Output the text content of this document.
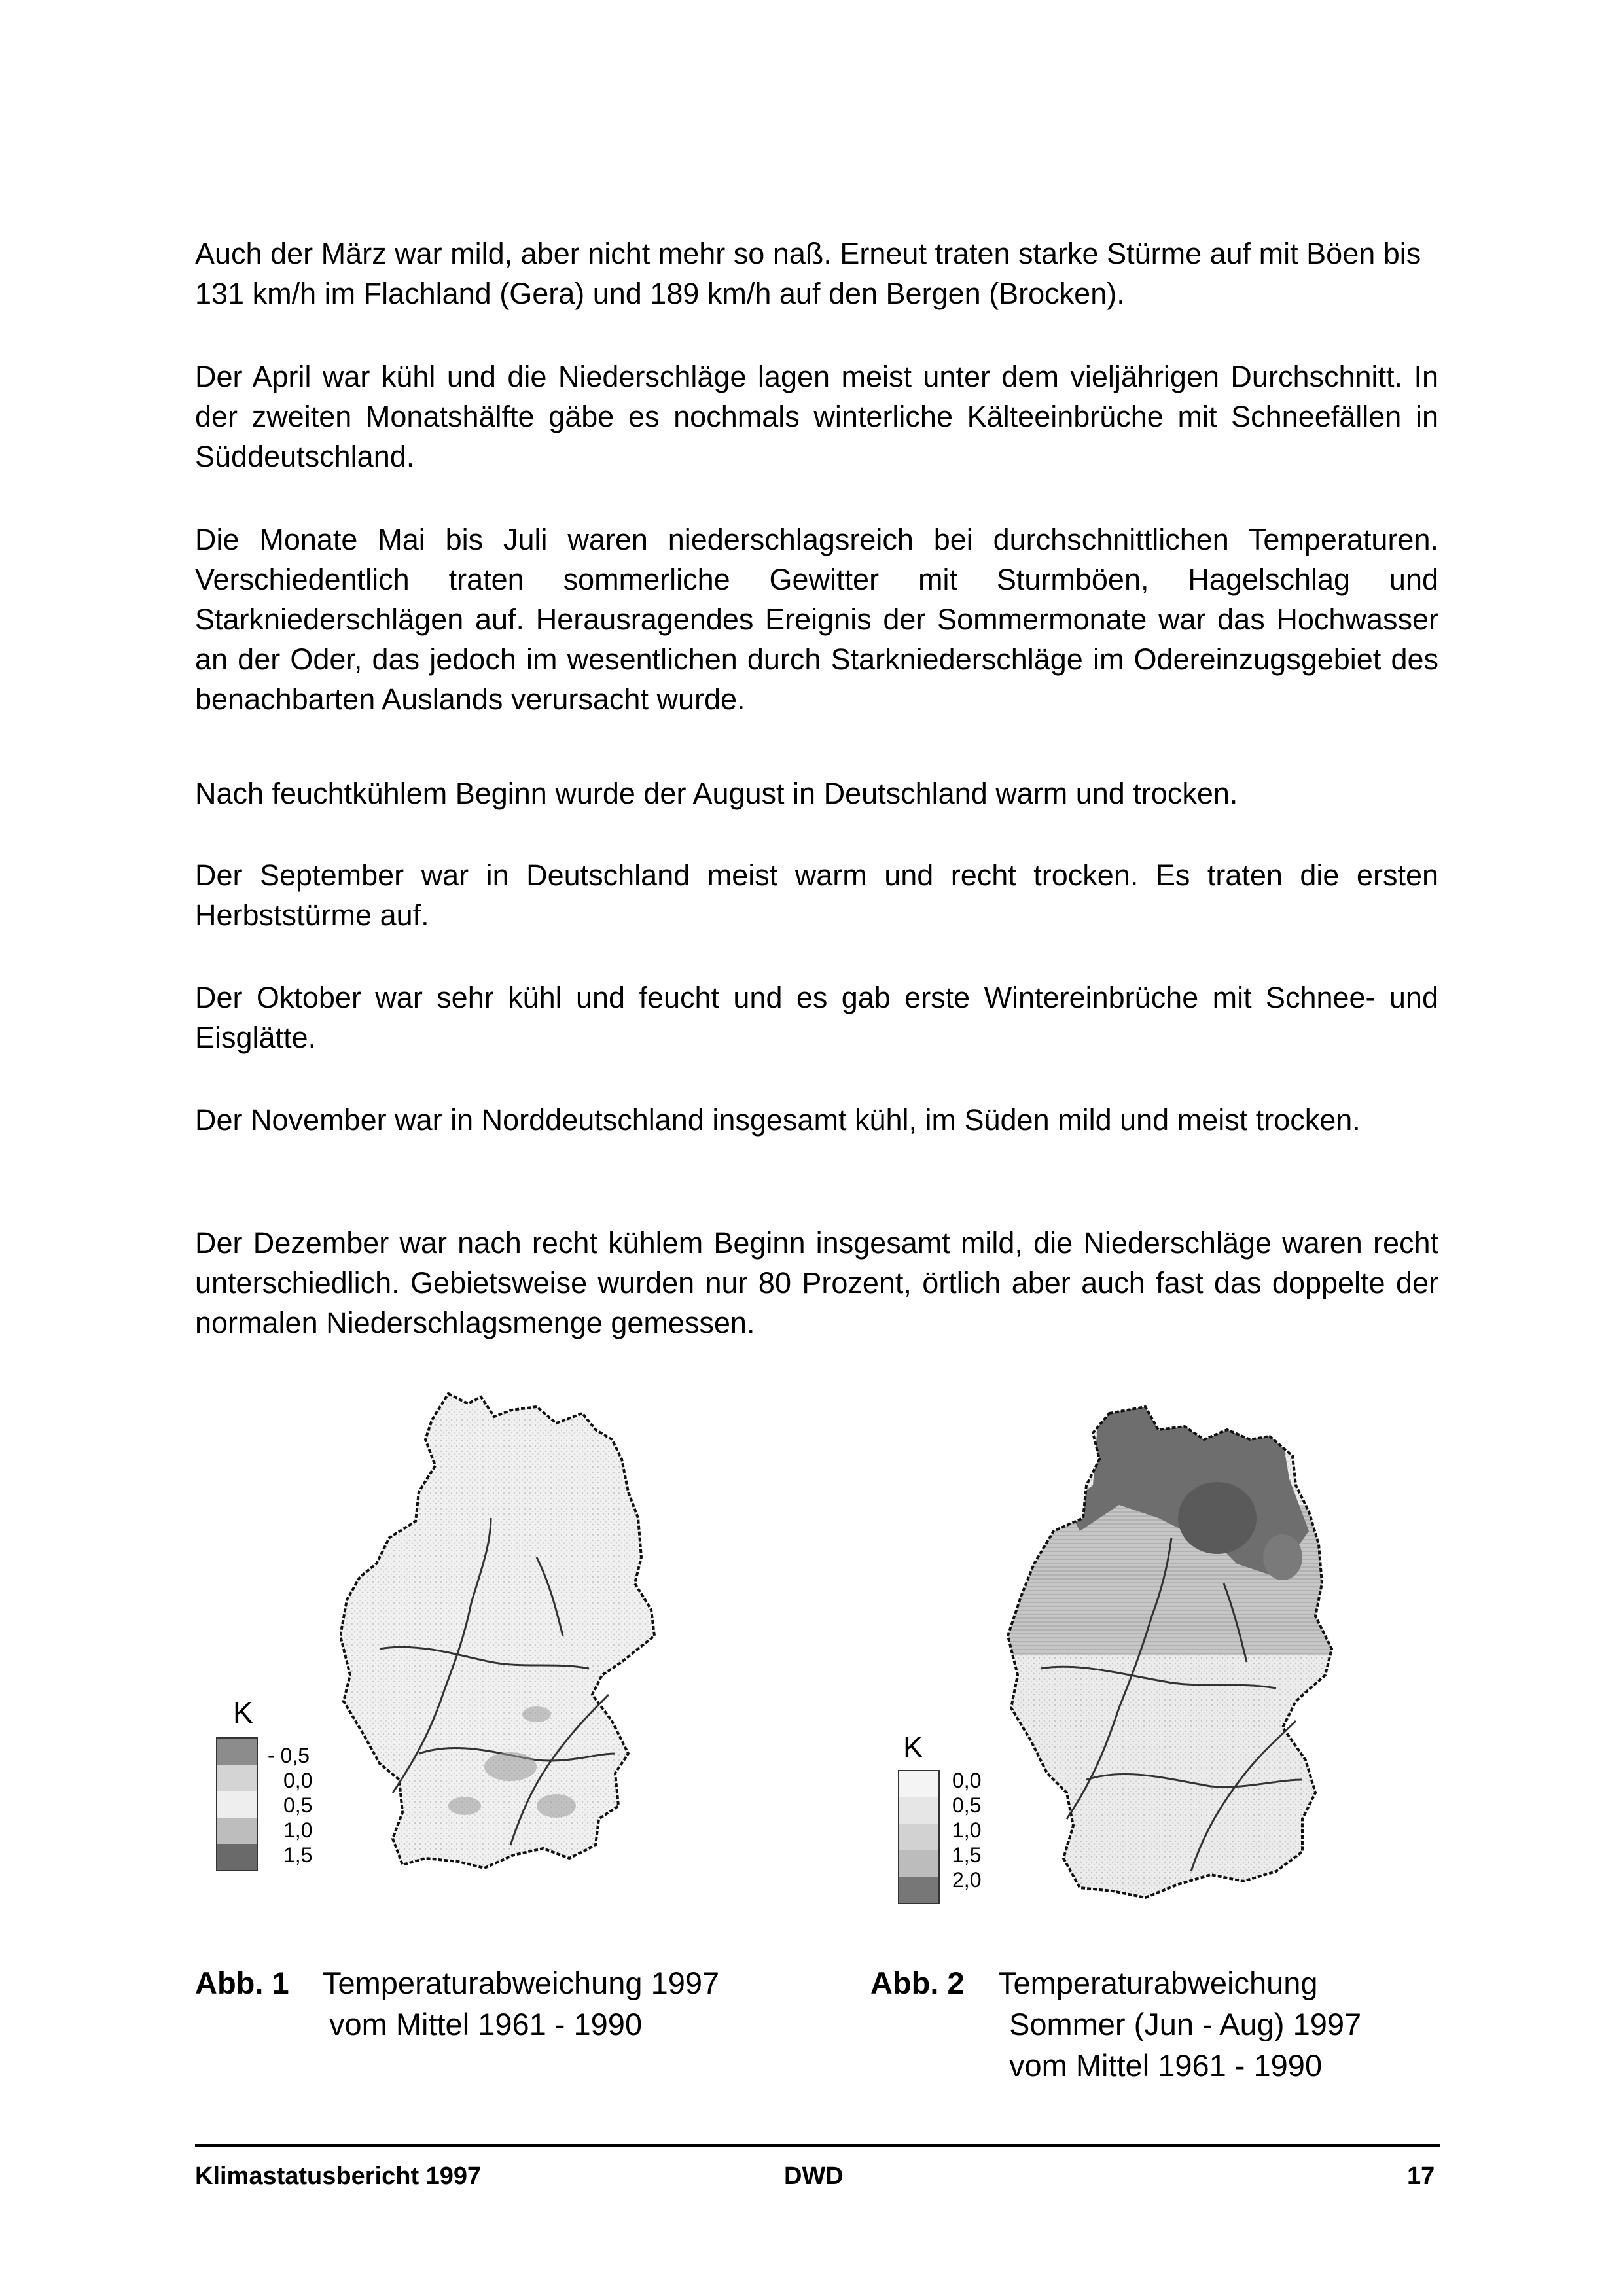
Auch der März war mild, aber nicht mehr so naß. Erneut traten starke Stürme auf mit Böen bis 131 km/h im Flachland (Gera) und 189 km/h auf den Bergen (Brocken).

Der April war kühl und die Niederschläge lagen meist unter dem vieljährigen Durchschnitt. In der zweiten Monatshälfte gäbe es nochmals winterliche Kälteeinbrüche mit Schneefällen in Süddeutschland.

Die Monate Mai bis Juli waren niederschlagsreich bei durchschnittlichen Temperaturen. Verschiedentlich traten sommerliche Gewitter mit Sturmböen, Hagelschlag und Starkniederschlägen auf. Herausragendes Ereignis der Sommermonate war das Hochwasser an der Oder, das jedoch im wesentlichen durch Starkniederschläge im Odereinzugsgebiet des benachbarten Auslands verursacht wurde.

Nach feuchtkühlem Beginn wurde der August in Deutschland warm und trocken.

Der September war in Deutschland meist warm und recht trocken. Es traten die ersten Herbststürme auf.

Der Oktober war sehr kühl und feucht und es gab erste Wintereinbrüche mit Schnee- und Eisglätte.

Der November war in Norddeutschland insgesamt kühl, im Süden mild und meist trocken.

Der Dezember war nach recht kühlem Beginn insgesamt mild, die Niederschläge waren recht unterschiedlich. Gebietsweise wurden nur 80 Prozent, örtlich aber auch fast das doppelte der normalen Niederschlagsmenge gemessen.

K
- 0,5
0,0
0,5
1,0
1,5
K
0,0
0,5
1,0
1,5
2,0
Abb. 1 Temperaturabweichung 1997
vom Mittel 1961 - 1990
Abb. 2 Temperaturabweichung
Sommer (Jun - Aug) 1997
vom Mittel 1961 - 1990
Klimastatusbericht 1997	DWD	17
